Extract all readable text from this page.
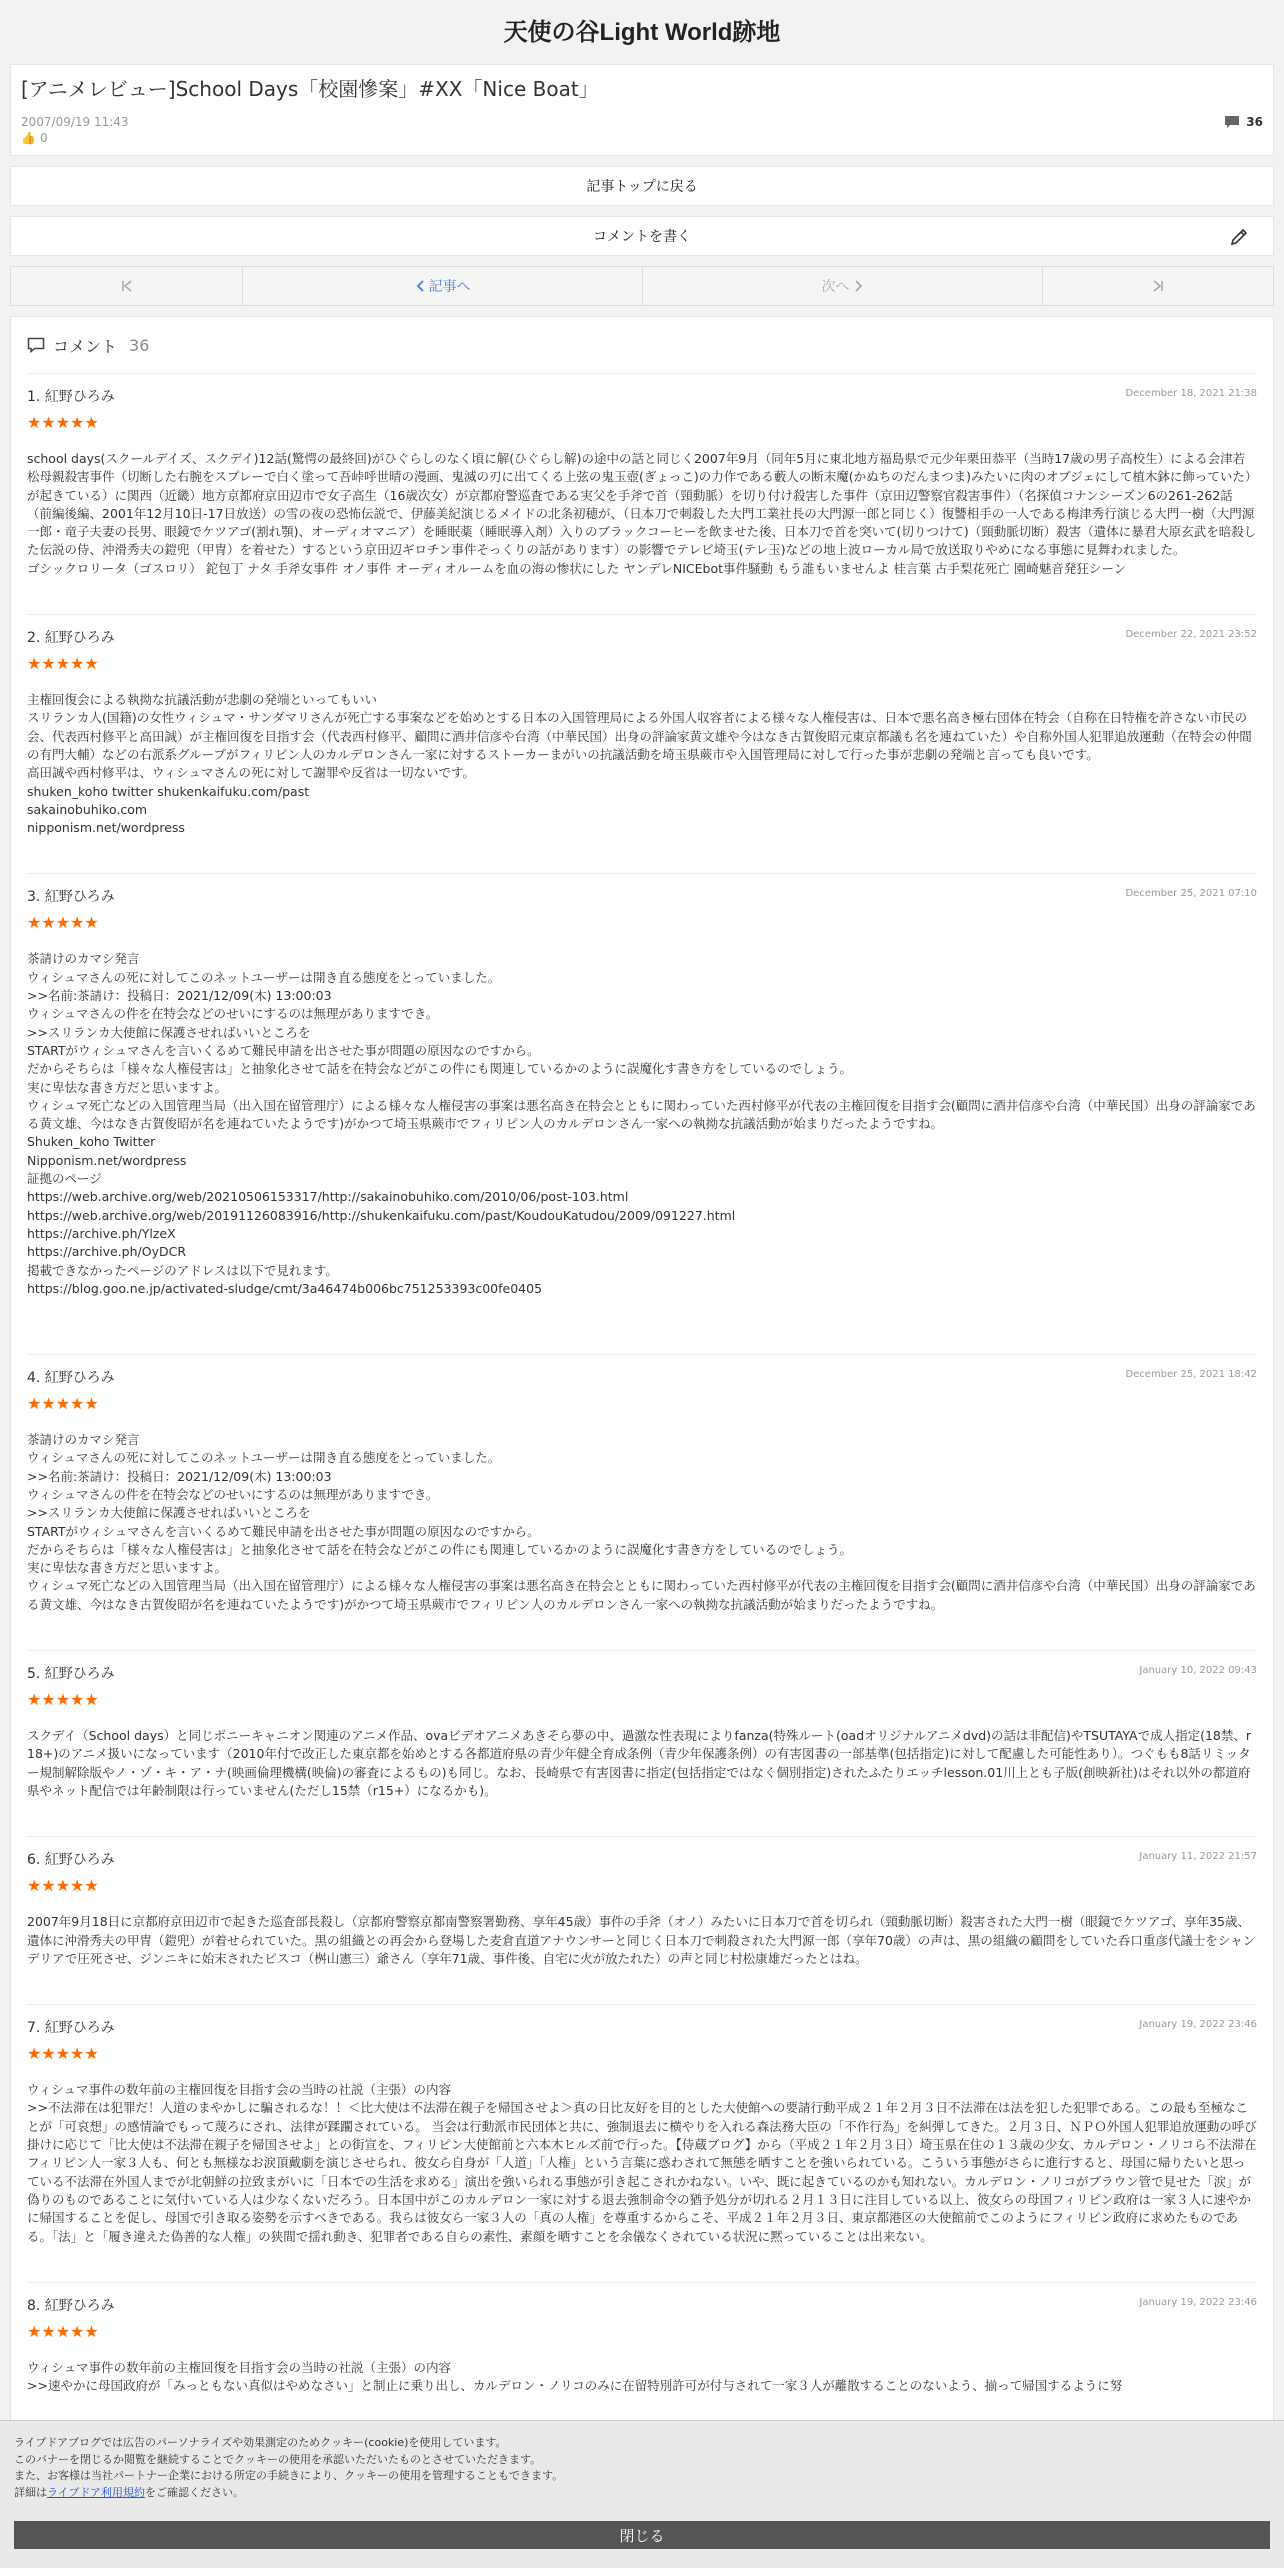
天使の谷Light World跡地
[アニメレビュー]School Days「校園慘案」#XX「Nice Boat」
2007/09/19 11:43	36
👍 0
記事トップに戻る
コメントを書く
記事へ	次へ
コメント 36
1. 紅野ひろみ	December 18, 2021 21:38
★★★★★
school days(スクールデイズ、スクデイ)12話(驚愕の最終回)がひぐらしのなく頃に解(ひぐらし解)の途中の話と同じく2007年9月（同年5月に東北地方福島県で元少年栗田恭平（当時17歳の男子高校生）による会津若松母親殺害事件（切断した右腕をスプレーで白く塗って吾峠呼世晴の漫画、鬼滅の刃に出てくる上弦の鬼玉壺(ぎょっこ)の力作である藪人の断末魔(かぬちのだんまつま)みたいに肉のオブジェにして植木鉢に飾っていた）が起きている）に関西（近畿）地方京都府京田辺市で女子高生（16歳次女）が京都府警巡査である実父を手斧で首（頸動脈）を切り付け殺害した事件（京田辺警察官殺害事件）（名探偵コナンシーズン6の261-262話（前編後編、2001年12月10日-17日放送）の雪の夜の恐怖伝説で、伊藤美紀演じるメイドの北条初穂が、（日本刀で刺殺した大門工業社長の大門源一郎と同じく）復讐相手の一人である梅津秀行演じる大門一樹（大門源一郎・竜子夫妻の長男、眼鏡でケツアゴ(割れ顎)、オーディオマニア）を睡眠薬（睡眠導入剤）入りのブラックコーヒーを飲ませた後、日本刀で首を突いて(切りつけて)（頸動脈切断）殺害（遺体に暴君大原玄武を暗殺した伝説の侍、沖滑秀夫の鎧兜（甲冑）を着せた）するという京田辺ギロチン事件そっくりの話があります）の影響でテレビ埼玉(テレ玉)などの地上波ローカル局で放送取りやめになる事態に見舞われました。
ゴシックロリータ（ゴスロリ） 鉈包丁 ナタ 手斧女事件 オノ事件 オーディオルームを血の海の惨状にした ヤンデレNICEbot事件騒動 もう誰もいませんよ 桂言葉 古手梨花死亡 園崎魅音発狂シーン
2. 紅野ひろみ	December 22, 2021 23:52
★★★★★
主権回復会による執拗な抗議活動が悲劇の発端といってもいい
スリランカ人(国籍)の女性ウィシュマ・サンダマリさんが死亡する事案などを始めとする日本の入国管理局による外国人収容者による様々な人権侵害は、日本で悪名高き極右団体在特会（自称在日特権を許さない市民の会、代表西村修平と高田誠）が主権回復を目指す会（代表西村修平、顧問に酒井信彦や台湾（中華民国）出身の評論家黄文雄や今はなき古賀俊昭元東京都議も名を連ねていた）や自称外国人犯罪追放運動（在特会の仲間の有門大輔）などの右派系グループがフィリピン人のカルデロンさん一家に対するストーカーまがいの抗議活動を埼玉県蕨市や入国管理局に対して行った事が悲劇の発端と言っても良いです。
高田誠や西村修平は、ウィシュマさんの死に対して謝罪や反省は一切ないです。
shuken_koho twitter shukenkaifuku.com/past
sakainobuhiko.com
nipponism.net/wordpress
3. 紅野ひろみ	December 25, 2021 07:10
★★★★★
茶請けのカマシ発言
ウィシュマさんの死に対してこのネットユーザーは開き直る態度をとっていました。
>>名前:茶請け：投稿日：2021/12/09(木) 13:00:03
ウィシュマさんの件を在特会などのせいにするのは無理がありますでき。
>>スリランカ大使館に保護させればいいところを
STARTがウィシュマさんを言いくるめて難民申請を出させた事が問題の原因なのですから。
だからそちらは「様々な人権侵害は」と抽象化させて話を在特会などがこの件にも関連しているかのように誤魔化す書き方をしているのでしょう。
実に卑怯な書き方だと思いますよ。
ウィシュマ死亡などの入国管理当局（出入国在留管理庁）による様々な人権侵害の事案は悪名高き在特会とともに関わっていた西村修平が代表の主権回復を目指す会(顧問に酒井信彦や台湾（中華民国）出身の評論家である黄文雄、今はなき古賀俊昭が名を連ねていたようです)がかつて埼玉県蕨市でフィリピン人のカルデロンさん一家への執拗な抗議活動が始まりだったようですね。
Shuken_koho Twitter
Nipponism.net/wordpress
証拠のページ
https://web.archive.org/web/20210506153317/http://sakainobuhiko.com/2010/06/post-103.html
https://web.archive.org/web/20191126083916/http://shukenkaifuku.com/past/KoudouKatudou/2009/091227.html
https://archive.ph/YlzeX
https://archive.ph/OyDCR
掲載できなかったページのアドレスは以下で見れます。
https://blog.goo.ne.jp/activated-sludge/cmt/3a46474b006bc751253393c00fe0405
4. 紅野ひろみ	December 25, 2021 18:42
★★★★★
茶請けのカマシ発言
ウィシュマさんの死に対してこのネットユーザーは開き直る態度をとっていました。
>>名前:茶請け：投稿日：2021/12/09(木) 13:00:03
ウィシュマさんの件を在特会などのせいにするのは無理がありますでき。
>>スリランカ大使館に保護させればいいところを
STARTがウィシュマさんを言いくるめて難民申請を出させた事が問題の原因なのですから。
だからそちらは「様々な人権侵害は」と抽象化させて話を在特会などがこの件にも関連しているかのように誤魔化す書き方をしているのでしょう。
実に卑怯な書き方だと思いますよ。
ウィシュマ死亡などの入国管理当局（出入国在留管理庁）による様々な人権侵害の事案は悪名高き在特会とともに関わっていた西村修平が代表の主権回復を目指す会(顧問に酒井信彦や台湾（中華民国）出身の評論家である黄文雄、今はなき古賀俊昭が名を連ねていたようです)がかつて埼玉県蕨市でフィリピン人のカルデロンさん一家への執拗な抗議活動が始まりだったようですね。
5. 紅野ひろみ	January 10, 2022 09:43
★★★★★
スクデイ（School days）と同じポニーキャニオン関連のアニメ作品、ovaビデオアニメあきそら夢の中、過激な性表現によりfanza(特殊ルート(oadオリジナルアニメdvd)の話は非配信)やTSUTAYAで成人指定(18禁、r18+)のアニメ扱いになっています（2010年付で改正した東京都を始めとする各都道府県の青少年健全育成条例（青少年保護条例）の有害図書の一部基準(包括指定)に対して配慮した可能性あり）。つぐもも8話リミッター規制解除版やノ・ゾ・キ・ア・ナ(映画倫理機構(映倫)の審査によるもの)も同じ。なお、長崎県で有害図書に指定(包括指定ではなく個別指定)されたふたりエッチlesson.01川上とも子版(創映新社)はそれ以外の都道府県やネット配信では年齢制限は行っていません(ただし15禁（r15+）になるかも)。
6. 紅野ひろみ	January 11, 2022 21:57
★★★★★
2007年9月18日に京都府京田辺市で起きた巡査部長殺し（京都府警察京都南警察署勤務、享年45歳）事件の手斧（オノ）みたいに日本刀で首を切られ（頸動脈切断）殺害された大門一樹（眼鏡でケツアゴ、享年35歳、遺体に沖滑秀夫の甲冑（鎧兜）が着せられていた。黒の組織との再会から登場した麦倉直道アナウンサーと同じく日本刀で刺殺された大門源一郎（享年70歳）の声は、黒の組織の顧問をしていた呑口重彦代議士をシャンデリアで圧死させ、ジンニキに始末されたピスコ（桝山憲三）爺さん（享年71歳、事件後、自宅に火が放たれた）の声と同じ村松康雄だったとはね。
7. 紅野ひろみ	January 19, 2022 23:46
★★★★★
ウィシュマ事件の数年前の主権回復を目指す会の当時の社説（主張）の内容
>>不法滞在は犯罪だ！人道のまやかしに騙されるな！！＜比大使は不法滞在親子を帰国させよ＞真の日比友好を目的とした大使館への要請行動平成２１年２月３日不法滞在は法を犯した犯罪である。この最も至極なことが「可哀想」の感情論でもって蔑ろにされ、法律が蹂躙されている。 当会は行動派市民団体と共に、強制退去に横やりを入れる森法務大臣の「不作行為」を糾弾してきた。２月３日、ＮＰＯ外国人犯罪追放運動の呼び掛けに応じて「比大使は不法滞在親子を帰国させよ」との街宣を、フィリピン大使館前と六本木ヒルズ前で行った。【侍蔵ブログ】から（平成２１年２月３日）埼玉県在住の１３歳の少女、カルデロン・ノリコら不法滞在フィリピン人一家３人も、何とも無様なお涙頂戴劇を演じさせられ、彼女ら自身が「人道」「人権」という言葉に惑わされて無態を晒すことを強いられている。こういう事態がさらに進行すると、母国に帰りたいと思っている不法滞在外国人までが北朝鮮の拉致まがいに「日本での生活を求める」演出を強いられる事態が引き起こされかねない。いや、既に起きているのかも知れない。カルデロン・ノリコがブラウン管で見せた「涙」が偽りのものであることに気付いている人は少なくないだろう。日本国中がこのカルデロン一家に対する退去強制命令の猶予処分が切れる２月１３日に注目している以上、彼女らの母国フィリピン政府は一家３人に速やかに帰国することを促し、母国で引き取る姿勢を示すべきである。我らは彼女ら一家３人の「真の人権」を尊重するからこそ、平成２１年２月３日、東京都港区の大使館前でこのようにフィリピン政府に求めたものである。「法」と「履き違えた偽善的な人権」の狭間で揺れ動き、犯罪者である自らの素性、素顔を晒すことを余儀なくされている状況に黙っていることは出来ない。
8. 紅野ひろみ	January 19, 2022 23:46
★★★★★
ウィシュマ事件の数年前の主権回復を目指す会の当時の社説（主張）の内容
>>速やかに母国政府が「みっともない真似はやめなさい」と制止に乗り出し、カルデロン・ノリコのみに在留特別許可が付与されて一家３人が離散することのないよう、揃って帰国するように努

ライブドアブログでは広告のパーソナライズや効果測定のためクッキー(cookie)を使用しています。

このバナーを閉じるか閲覧を継続することでクッキーの使用を承認いただいたものとさせていただきます。

また、お客様は当社パートナー企業における所定の手続きにより、クッキーの使用を管理することもできます。

詳細はライブドア利用規約をご確認ください。

閉じる
